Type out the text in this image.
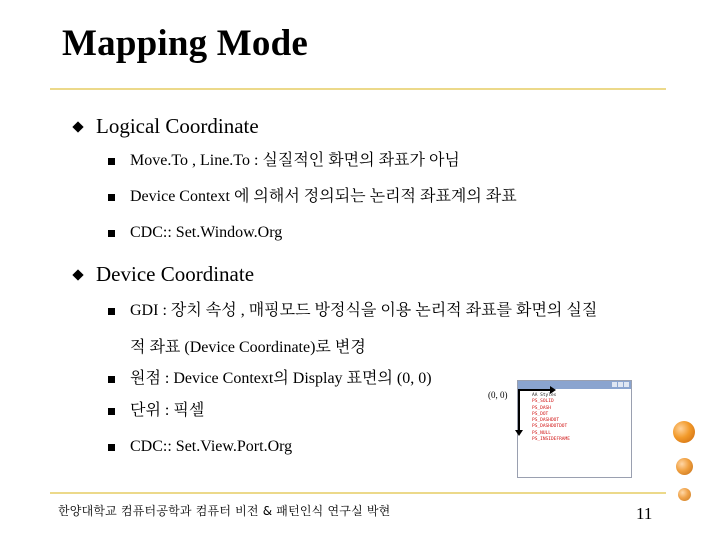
Mapping Mode
Logical Coordinate
Move.To , Line.To : 실질적인 화면의 좌표가 아님
Device Context 에 의해서 정의되는 논리적 좌표계의 좌표
CDC:: Set.Window.Org
Device Coordinate
GDI : 장치 속성 , 매핑모드 방정식을 이용 논리적 좌표를 화면의 실질
적 좌표 (Device Coordinate)로 변경
원점 : Device Context의 Display 표면의 (0, 0)
단위 : 픽셀
CDC:: Set.View.Port.Org
(0, 0)	AA Styles
PS_SOLID
PS_DASH
PS_DOT
PS_DASHDOT
PS_DASHDOTDOT
PS_NULL
PS_INSIDEFRAME
한양대학교 컴퓨터공학과 컴퓨터 비전 & 패턴인식 연구실 박현	11
